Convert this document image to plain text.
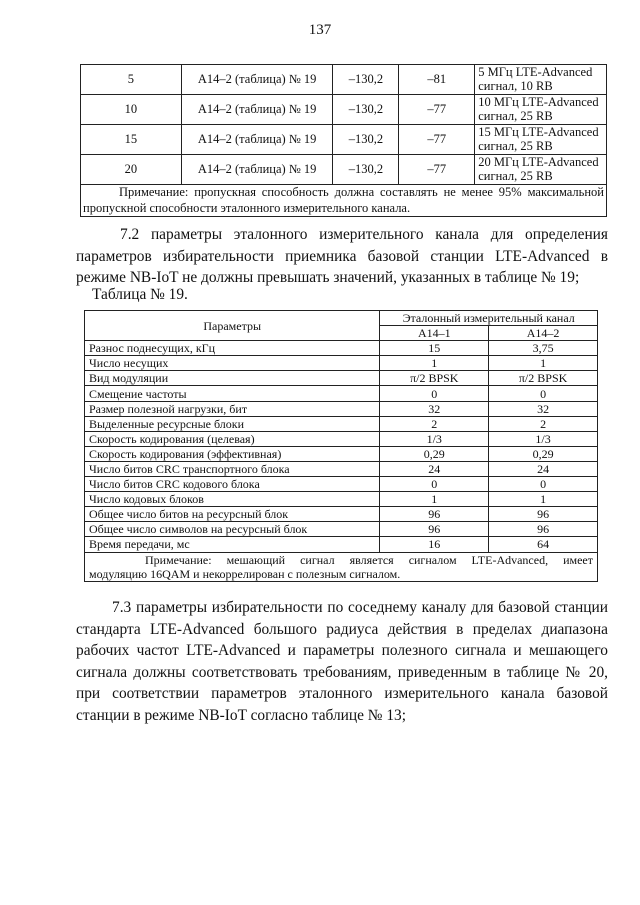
137
5	A14–2 (таблица) № 19	–130,2	–81	5 МГц LTE-Advanced
сигнал, 10 RB

10	A14–2 (таблица) № 19	–130,2	–77	10 МГц LTE-Advanced
сигнал, 25 RB

15	A14–2 (таблица) № 19	–130,2	–77	15 МГц LTE-Advanced
сигнал, 25 RB

20	A14–2 (таблица) № 19	–130,2	–77	20 МГц LTE-Advanced
сигнал, 25 RB

Примечание: пропускная способность должна составлять не менее 95% максимальной
пропускной способности эталонного измерительного канала.				

7.2 параметры эталонного измерительного канала для определения параметров избирательности приемника базовой станции LTE-Advanced в режиме NB-IoT не должны превышать значений, указанных в таблице № 19;

Таблица № 19.

Параметры	Эталонный измерительный канал	
	A14–1	A14–2
Разнос поднесущих, кГц	15	3,75
Число несущих	1	1
Вид модуляции	π/2 BPSK	π/2 BPSK
Смещение частоты	0	0
Размер полезной нагрузки, бит	32	32
Выделенные ресурсные блоки	2	2
Скорость кодирования (целевая)	1/3	1/3
Скорость кодирования (эффективная)	0,29	0,29
Число битов CRC транспортного блока	24	24
Число битов CRC кодового блока	0	0
Число кодовых блоков	1	1
Общее число битов на ресурсный блок	96	96
Общее число символов на ресурсный блок	96	96
Время передачи, мс	16	64

Примечание: мешающий сигнал является сигналом LTE-Advanced, имеет
модуляцию 16QAM и некоррелирован с полезным сигналом.		

7.3 параметры избирательности по соседнему каналу для базовой станции стандарта LTE-Advanced большого радиуса действия в пределах диапазона рабочих частот LTE-Advanced и параметры полезного сигнала и мешающего сигнала должны соответствовать требованиям, приведенным в таблице № 20, при соответствии параметров эталонного измерительного канала базовой станции в режиме NB-IoT согласно таблице № 13;
